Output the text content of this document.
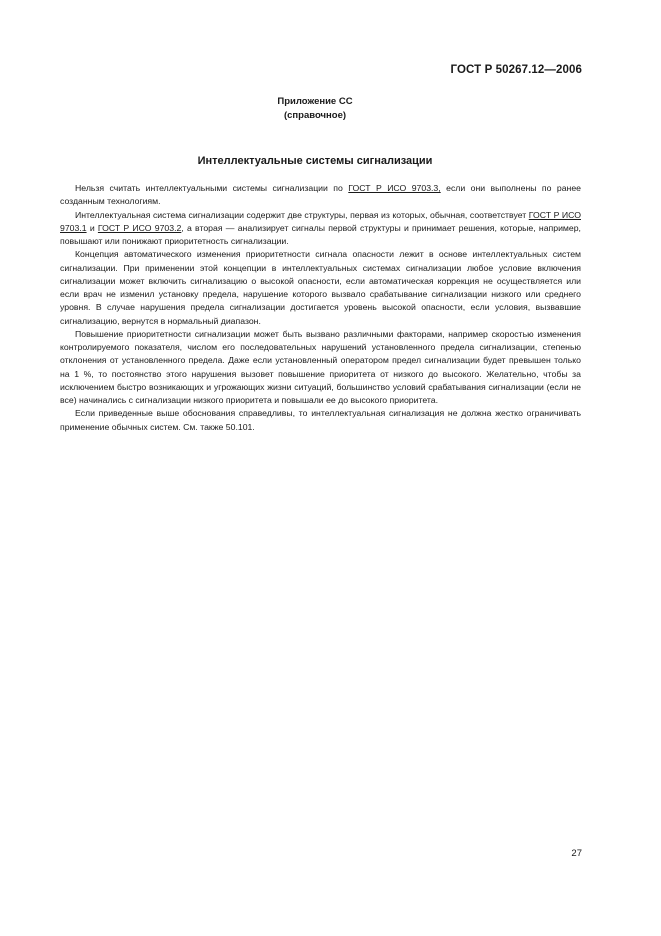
ГОСТ Р 50267.12—2006
Приложение СС
(справочное)
Интеллектуальные системы сигнализации

Нельзя считать интеллектуальными системы сигнализации по ГОСТ Р ИСО 9703.3, если они выполнены по ранее созданным технологиям.

Интеллектуальная система сигнализации содержит две структуры, первая из которых, обычная, соответствует ГОСТ Р ИСО 9703.1 и ГОСТ Р ИСО 9703.2, а вторая — анализирует сигналы первой структуры и принимает решения, которые, например, повышают или понижают приоритетность сигнализации.

Концепция автоматического изменения приоритетности сигнала опасности лежит в основе интеллектуальных систем сигнализации. При применении этой концепции в интеллектуальных системах сигнализации любое условие включения сигнализации может включить сигнализацию о высокой опасности, если автоматическая коррекция не осуществляется или если врач не изменил установку предела, нарушение которого вызвало срабатывание сигнализации низкого или среднего уровня. В случае нарушения предела сигнализации достигается уровень высокой опасности, если условия, вызвавшие сигнализацию, вернутся в нормальный диапазон.

Повышение приоритетности сигнализации может быть вызвано различными факторами, например скоростью изменения контролируемого показателя, числом его последовательных нарушений установленного предела сигнализации, степенью отклонения от установленного предела. Даже если установленный оператором предел сигнализации будет превышен только на 1 %, то постоянство этого нарушения вызовет повышение приоритета от низкого до высокого. Желательно, чтобы за исключением быстро возникающих и угрожающих жизни ситуаций, большинство условий срабатывания сигнализации (если не все) начинались с сигнализации низкого приоритета и повышали ее до высокого приоритета.

Если приведенные выше обоснования справедливы, то интеллектуальная сигнализация не должна жестко ограничивать применение обычных систем. См. также 50.101.

27
